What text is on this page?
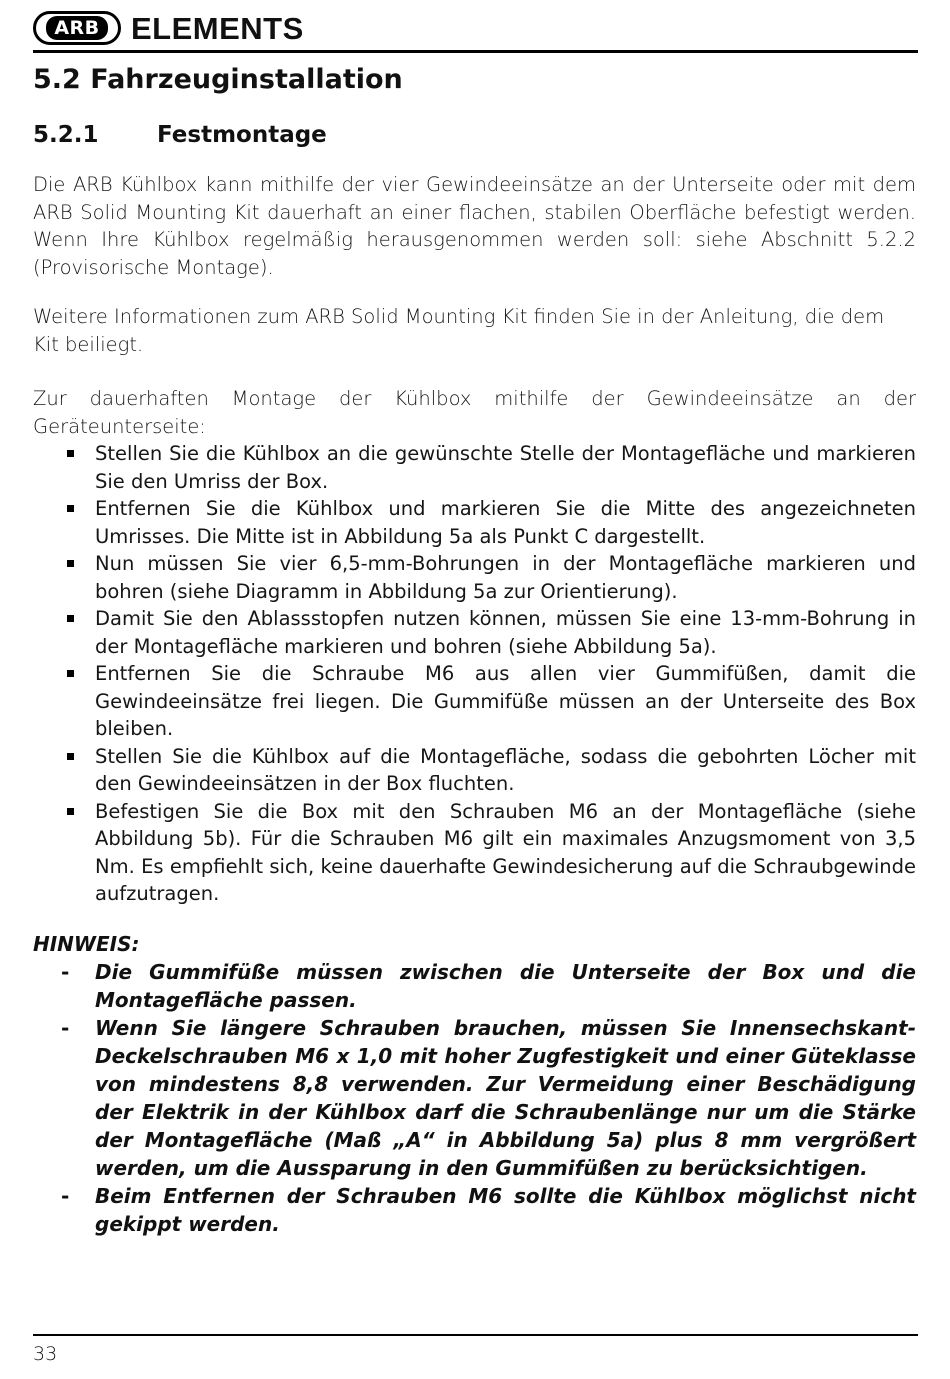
ARB ELEMENTS
5.2 Fahrzeuginstallation
5.2.1	Festmontage

Die ARB Kühlbox kann mithilfe der vier Gewindeeinsätze an der Unterseite oder mit dem ARB Solid Mounting Kit dauerhaft an einer flachen, stabilen Oberfläche befestigt werden. Wenn Ihre Kühlbox regelmäßig herausgenommen werden soll: siehe Abschnitt 5.2.2 (Provisorische Montage).

Weitere Informationen zum ARB Solid Mounting Kit finden Sie in der Anleitung, die dem Kit beiliegt.

Zur dauerhaften Montage der Kühlbox mithilfe der Gewindeeinsätze an der Geräteunterseite:

Stellen Sie die Kühlbox an die gewünschte Stelle der Montagefläche und markieren Sie den Umriss der Box.
Entfernen Sie die Kühlbox und markieren Sie die Mitte des angezeichneten Umrisses. Die Mitte ist in Abbildung 5a als Punkt C dargestellt.
Nun müssen Sie vier 6,5-mm-Bohrungen in der Montagefläche markieren und bohren (siehe Diagramm in Abbildung 5a zur Orientierung).
Damit Sie den Ablassstopfen nutzen können, müssen Sie eine 13-mm-Bohrung in der Montagefläche markieren und bohren (siehe Abbildung 5a).
Entfernen Sie die Schraube M6 aus allen vier Gummifüßen, damit die Gewindeeinsätze frei liegen. Die Gummifüße müssen an der Unterseite des Box bleiben.
Stellen Sie die Kühlbox auf die Montagefläche, sodass die gebohrten Löcher mit den Gewindeeinsätzen in der Box fluchten.
Befestigen Sie die Box mit den Schrauben M6 an der Montagefläche (siehe Abbildung 5b). Für die Schrauben M6 gilt ein maximales Anzugsmoment von 3,5 Nm. Es empfiehlt sich, keine dauerhafte Gewindesicherung auf die Schraubgewinde aufzutragen.
HINWEIS:
- Die Gummifüße müssen zwischen die Unterseite der Box und die Montagefläche passen.
- Wenn Sie längere Schrauben brauchen, müssen Sie Innensechskant-Deckelschrauben M6 x 1,0 mit hoher Zugfestigkeit und einer Güteklasse von mindestens 8,8 verwenden. Zur Vermeidung einer Beschädigung der Elektrik in der Kühlbox darf die Schraubenlänge nur um die Stärke der Montagefläche (Maß „A“ in Abbildung 5a) plus 8 mm vergrößert werden, um die Aussparung in den Gummifüßen zu berücksichtigen.
- Beim Entfernen der Schrauben M6 sollte die Kühlbox möglichst nicht gekippt werden.
33
